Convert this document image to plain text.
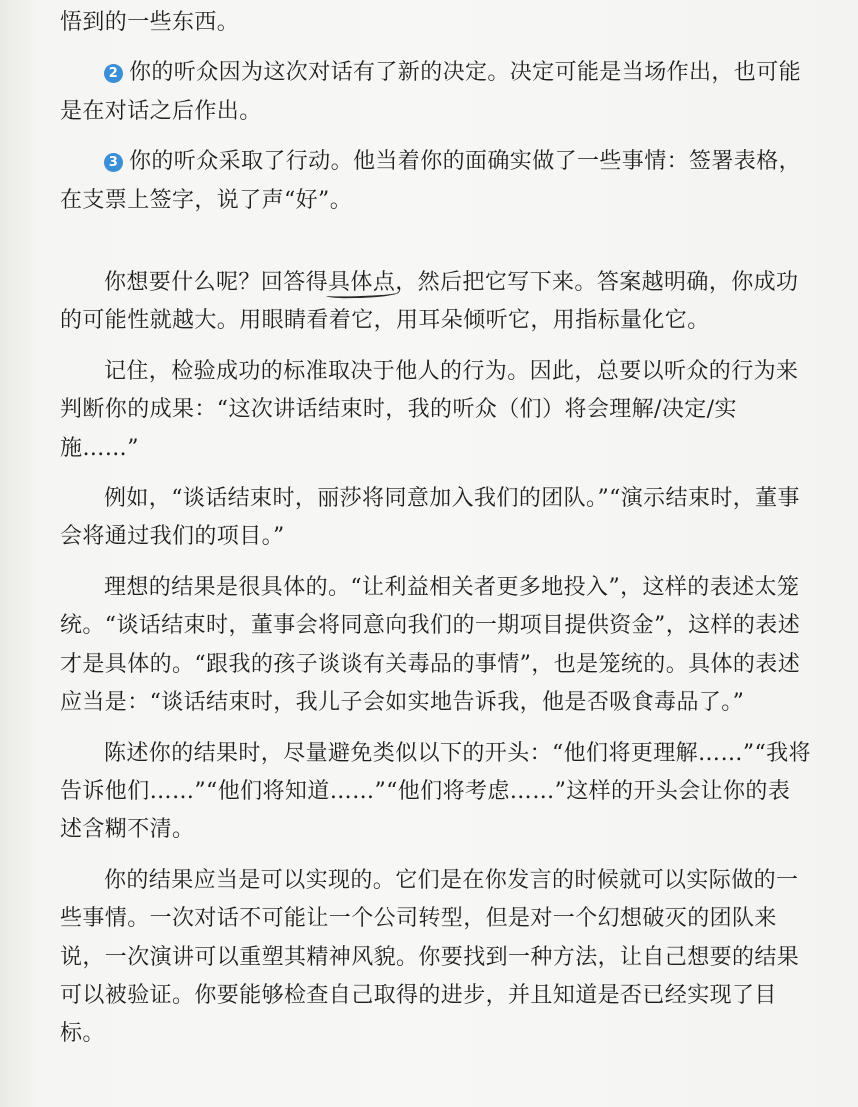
悟到的一些东西。

2 你的听众因为这次对话有了新的决定。决定可能是当场作出，也可能是在对话之后作出。

3 你的听众采取了行动。他当着你的面确实做了一些事情：签署表格，在支票上签字，说了声“好”。

你想要什么呢？回答得具体点，然后把它写下来。答案越明确，你成功的可能性就越大。用眼睛看着它，用耳朵倾听它，用指标量化它。

记住，检验成功的标准取决于他人的行为。因此，总要以听众的行为来判断你的成果：“这次讲话结束时，我的听众（们）将会理解/决定/实施……”

例如，“谈话结束时，丽莎将同意加入我们的团队。”“演示结束时，董事会将通过我们的项目。”

理想的结果是很具体的。“让利益相关者更多地投入”，这样的表述太笼统。“谈话结束时，董事会将同意向我们的一期项目提供资金”，这样的表述才是具体的。“跟我的孩子谈谈有关毒品的事情”，也是笼统的。具体的表述应当是：“谈话结束时，我儿子会如实地告诉我，他是否吸食毒品了。”

陈述你的结果时，尽量避免类似以下的开头：“他们将更理解……”“我将告诉他们……”“他们将知道……”“他们将考虑……”这样的开头会让你的表述含糊不清。

你的结果应当是可以实现的。它们是在你发言的时候就可以实际做的一些事情。一次对话不可能让一个公司转型，但是对一个幻想破灭的团队来说，一次演讲可以重塑其精神风貌。你要找到一种方法，让自己想要的结果可以被验证。你要能够检查自己取得的进步，并且知道是否已经实现了目标。
